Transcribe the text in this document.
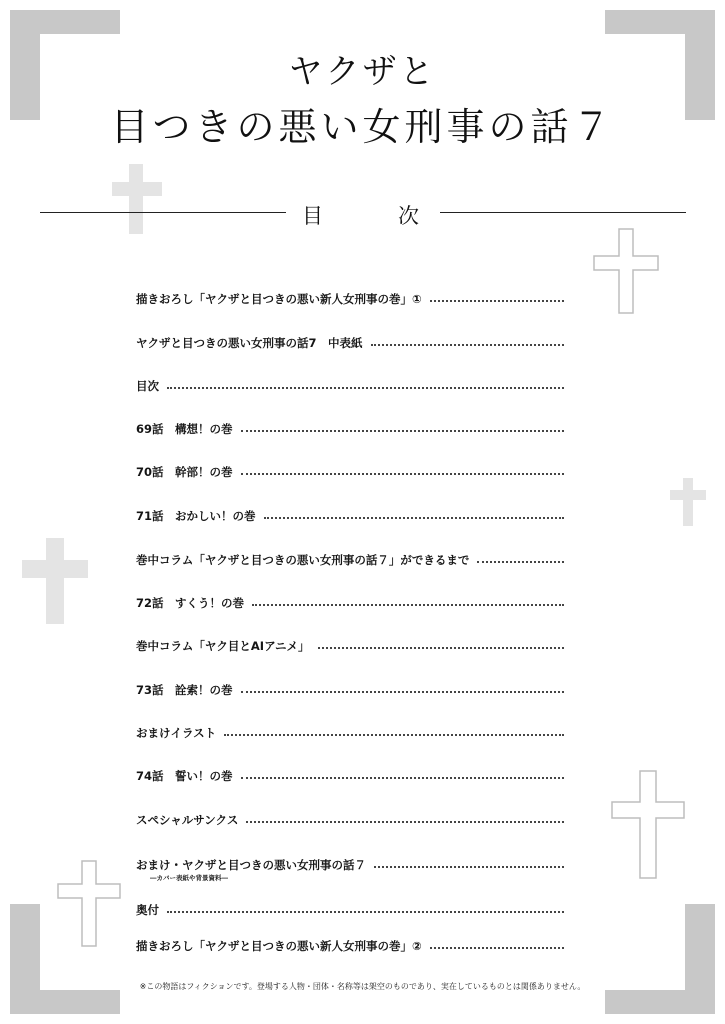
ヤクザと
目つきの悪い女刑事の話７
目	次
描きおろし「ヤクザと目つきの悪い新人女刑事の巻」①
ヤクザと目つきの悪い女刑事の話7　中表紙
目次
69話　構想！の巻
70話　幹部！の巻
71話　おかしい！の巻
巻中コラム「ヤクザと目つきの悪い女刑事の話７」ができるまで
72話　すくう！の巻
巻中コラム「ヤク目とAIアニメ」
73話　詮索！の巻
おまけイラスト
74話　誓い！の巻
スペシャルサンクス
おまけ・ヤクザと目つきの悪い女刑事の話７
奥付
描きおろし「ヤクザと目つきの悪い新人女刑事の巻」②
―カバー表紙や背景資料―
※この物語はフィクションです。登場する人物・団体・名称等は架空のものであり、実在しているものとは関係ありません。
